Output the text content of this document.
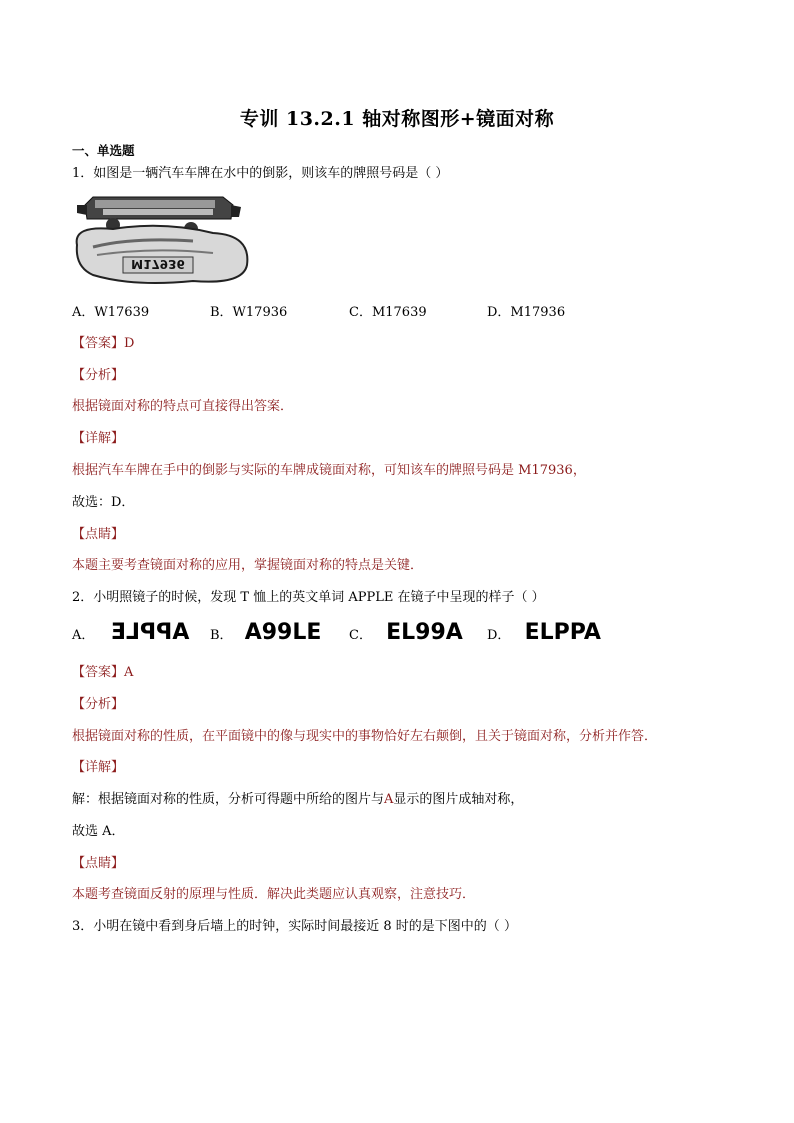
专训 13.2.1 轴对称图形+镜面对称
一、单选题
1．如图是一辆汽车车牌在水中的倒影，则该车的牌照号码是（ ）
M17936
A．W17639	B．W17936	C．M17639	D．M17936
【答案】D
【分析】
根据镜面对称的特点可直接得出答案．
【详解】
根据汽车车牌在手中的倒影与实际的车牌成镜面对称，可知该车的牌照号码是 M17936，
故选：D．
【点睛】
本题主要考查镜面对称的应用，掌握镜面对称的特点是关键．
2．小明照镜子的时候，发现 T 恤上的英文单词 APPLE 在镜子中呈现的样子（ ）
A． APPLE B． A99LE C． EL99A D． ELPPA
【答案】A
【分析】
根据镜面对称的性质，在平面镜中的像与现实中的事物恰好左右颠倒，且关于镜面对称，分析并作答．
【详解】
解：根据镜面对称的性质，分析可得题中所给的图片与A显示的图片成轴对称，
故选 A．
【点睛】
本题考查镜面反射的原理与性质．解决此类题应认真观察，注意技巧．
3．小明在镜中看到身后墙上的时钟，实际时间最接近 8 时的是下图中的（ ）
